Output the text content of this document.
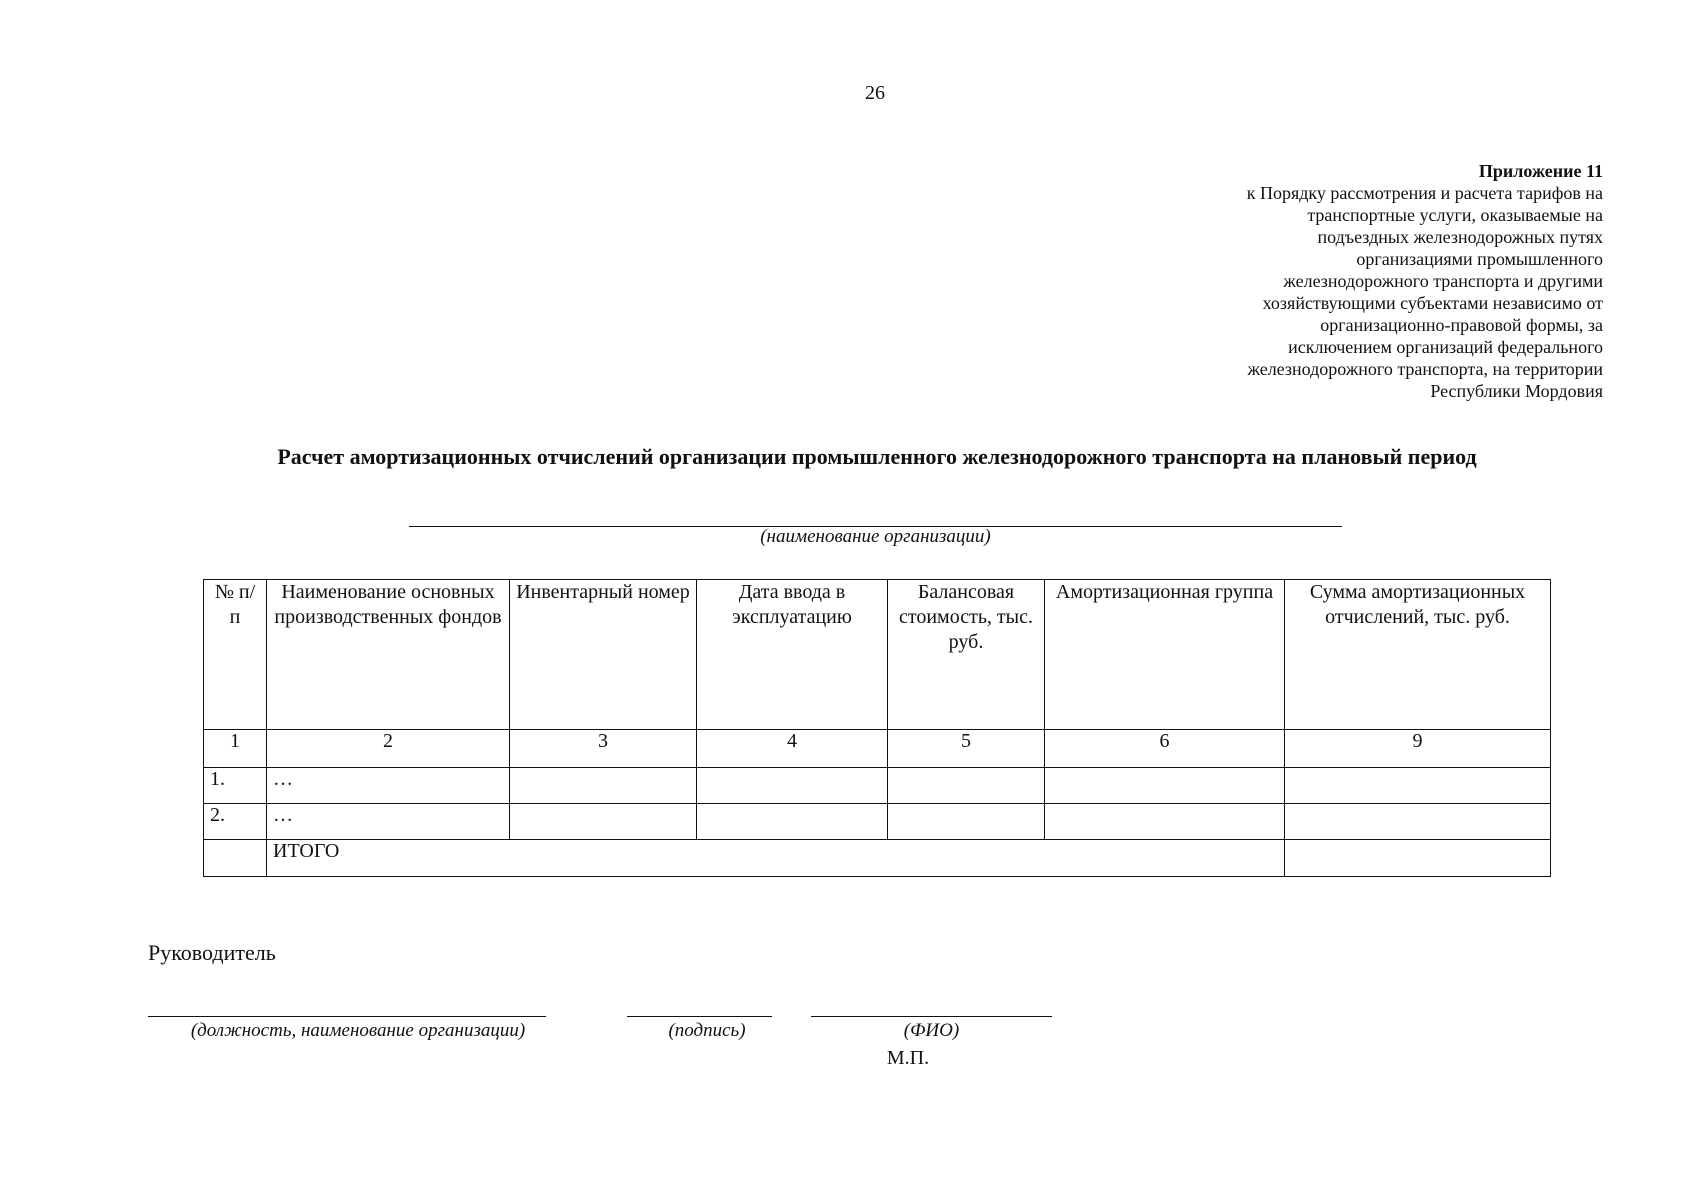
26
Приложение 11
к Порядку рассмотрения и расчета тарифов на
транспортные услуги, оказываемые на
подъездных железнодорожных путях
организациями промышленного
железнодорожного транспорта и другими
хозяйствующими субъектами независимо от
организационно-правовой формы, за
исключением организаций федерального
железнодорожного транспорта, на территории
Республики Мордовия
Расчет амортизационных отчислений организации промышленного железнодорожного транспорта на плановый период
(наименование организации)
№ п/п	Наименование основных производственных фондов	Инвентарный номер	Дата ввода в эксплуатацию	Балансовая стоимость, тыс. руб.	Амортизационная группа	Сумма амортизационных отчислений, тыс. руб.
1	2	3	4	5	6	9
1.	…					
2.	…					
	ИТОГО					
Руководитель
(должность, наименование организации)	(подпись)	(ФИО)
М.П.
